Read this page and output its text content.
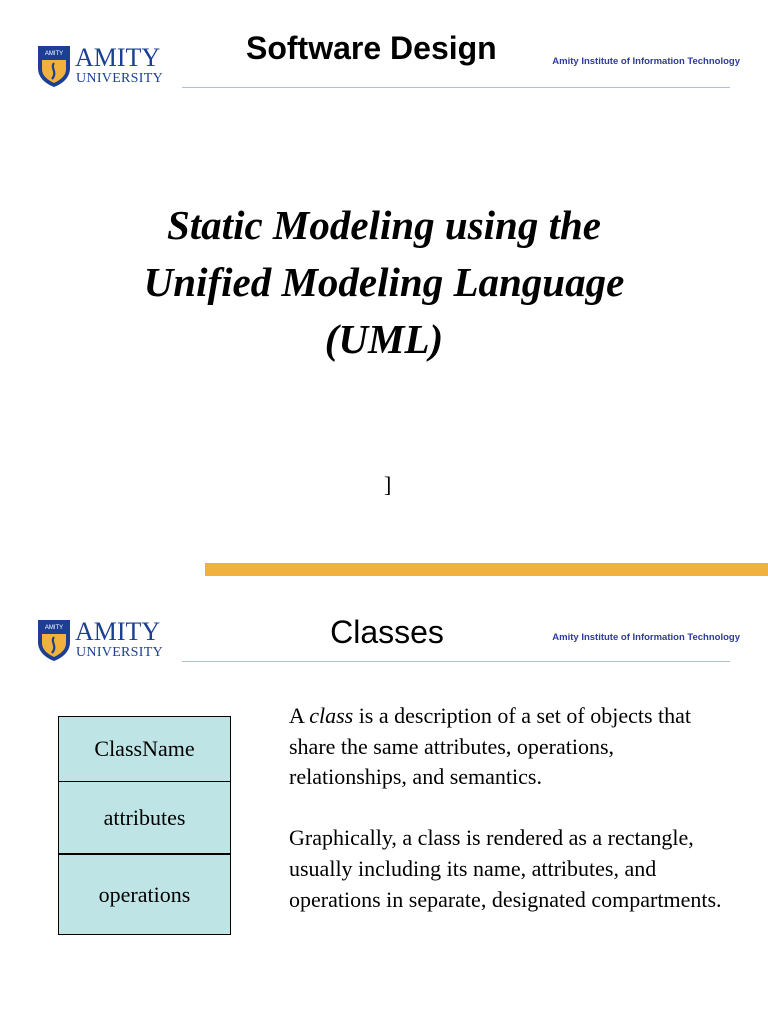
AMITY AMITY
UNIVERSITY
Software Design	Amity Institute of Information Technology
Static Modeling using the
Unified Modeling Language
(UML)
]
AMITY AMITY
UNIVERSITY
Classes	Amity Institute of Information Technology
ClassName
attributes
operations

A class is a description of a set of objects that share the same attributes, operations, relationships, and semantics.

Graphically, a class is rendered as a rectangle, usually including its name, attributes, and operations in separate, designated compartments.
